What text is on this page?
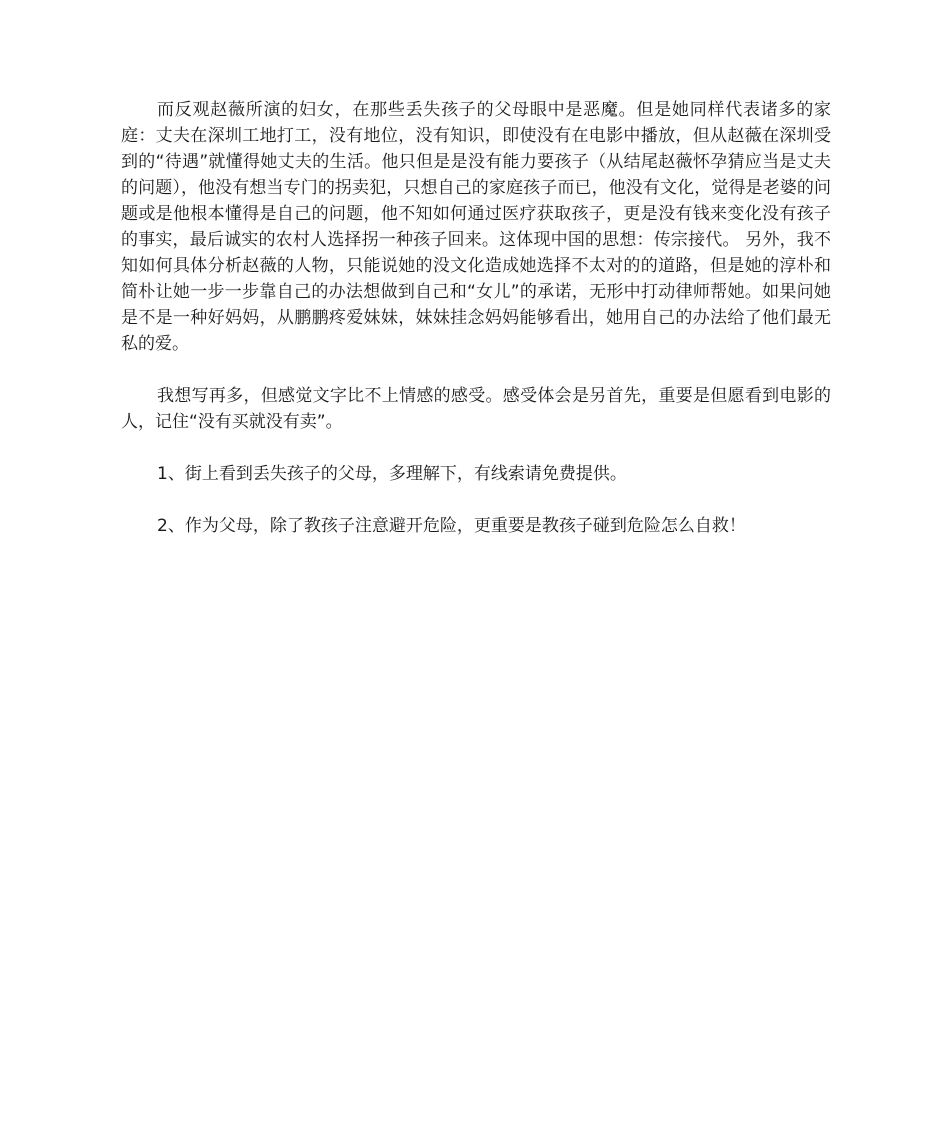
而反观赵薇所演的妇女，在那些丢失孩子的父母眼中是恶魔。但是她同样代表诸多的家庭：丈夫在深圳工地打工，没有地位，没有知识，即使没有在电影中播放，但从赵薇在深圳受到的“待遇”就懂得她丈夫的生活。他只但是是没有能力要孩子（从结尾赵薇怀孕猜应当是丈夫的问题），他没有想当专门的拐卖犯，只想自己的家庭孩子而已，他没有文化，觉得是老婆的问题或是他根本懂得是自己的问题，他不知如何通过医疗获取孩子，更是没有钱来变化没有孩子的事实，最后诚实的农村人选择拐一种孩子回来。这体现中国的思想：传宗接代。 另外，我不知如何具体分析赵薇的人物，只能说她的没文化造成她选择不太对的的道路，但是她的淳朴和简朴让她一步一步靠自己的办法想做到自己和“女儿”的承诺，无形中打动律师帮她。如果问她是不是一种好妈妈，从鹏鹏疼爱妹妹，妹妹挂念妈妈能够看出，她用自己的办法给了他们最无私的爱。

我想写再多，但感觉文字比不上情感的感受。感受体会是另首先，重要是但愿看到电影的人，记住“没有买就没有卖”。

1、街上看到丢失孩子的父母，多理解下，有线索请免费提供。

2、作为父母，除了教孩子注意避开危险，更重要是教孩子碰到危险怎么自救！
